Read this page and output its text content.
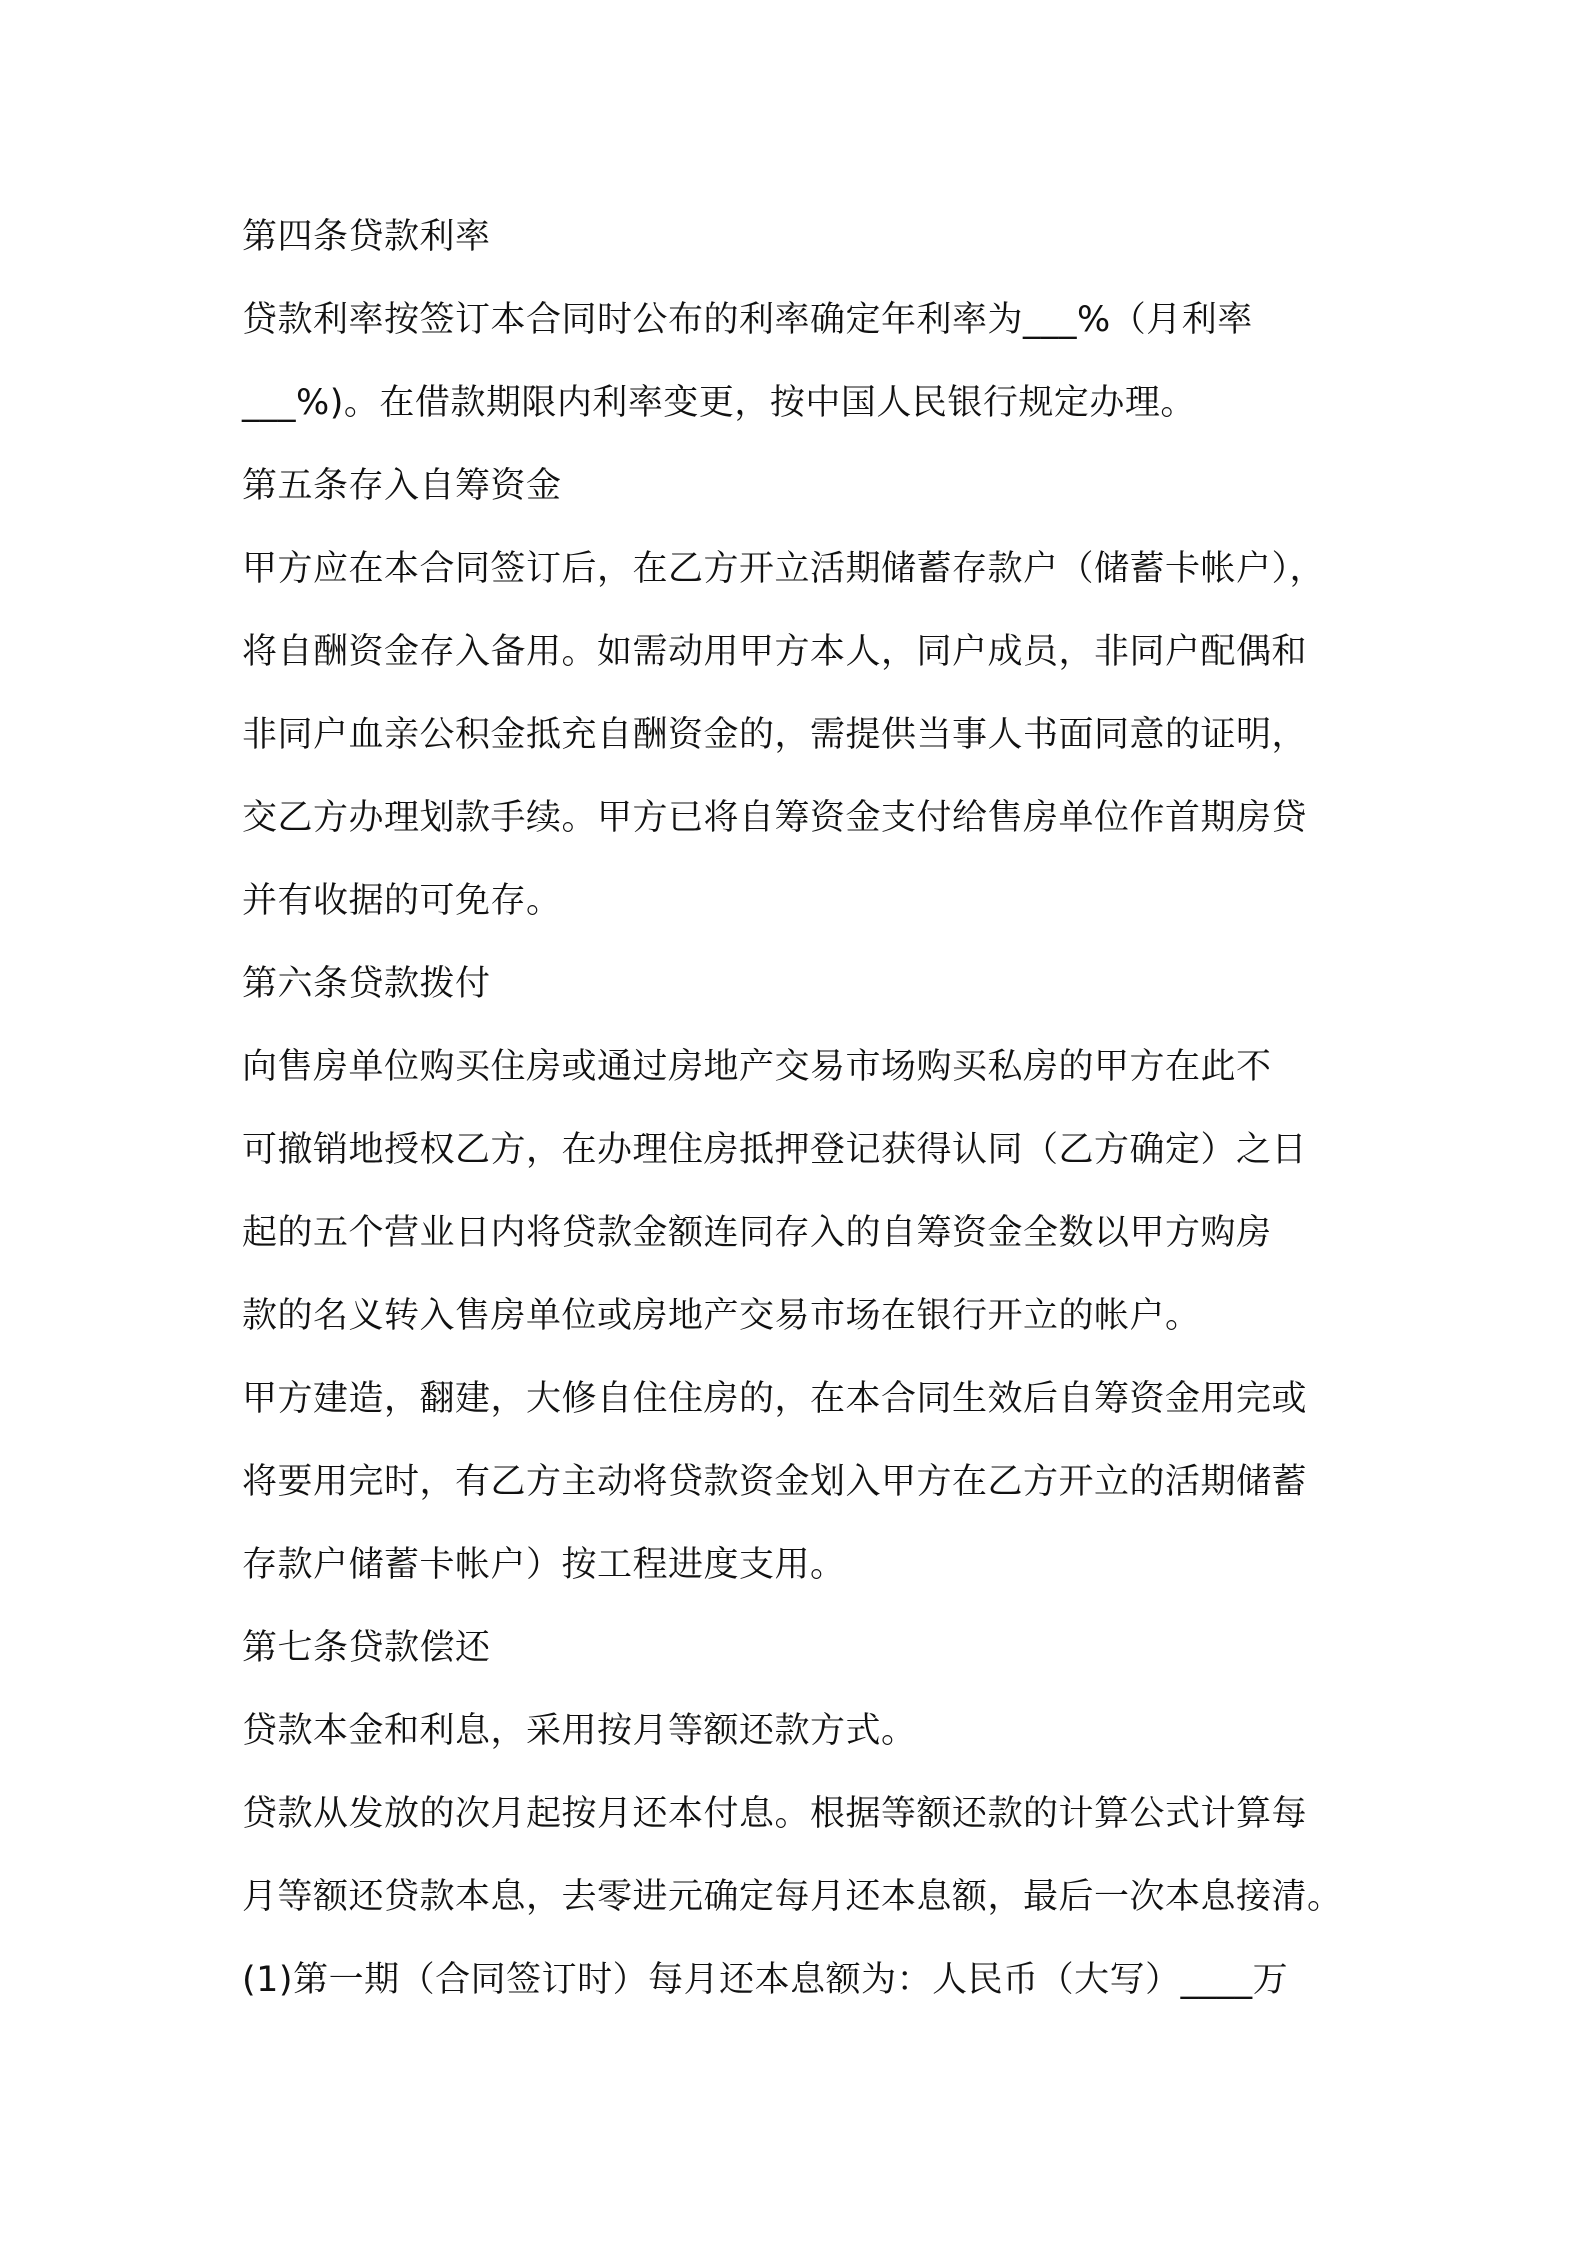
第四条贷款利率
贷款利率按签订本合同时公布的利率确定年利率为___%（月利率
___%)。在借款期限内利率变更，按中国人民银行规定办理。
第五条存入自筹资金
甲方应在本合同签订后，在乙方开立活期储蓄存款户（储蓄卡帐户），
将自酬资金存入备用。如需动用甲方本人，同户成员，非同户配偶和
非同户血亲公积金抵充自酬资金的，需提供当事人书面同意的证明，
交乙方办理划款手续。甲方已将自筹资金支付给售房单位作首期房贷
并有收据的可免存。
第六条贷款拨付
向售房单位购买住房或通过房地产交易市场购买私房的甲方在此不
可撤销地授权乙方，在办理住房抵押登记获得认同（乙方确定）之日
起的五个营业日内将贷款金额连同存入的自筹资金全数以甲方购房
款的名义转入售房单位或房地产交易市场在银行开立的帐户。
甲方建造，翻建，大修自住住房的，在本合同生效后自筹资金用完或
将要用完时，有乙方主动将贷款资金划入甲方在乙方开立的活期储蓄
存款户储蓄卡帐户）按工程进度支用。
第七条贷款偿还
贷款本金和利息，采用按月等额还款方式。
贷款从发放的次月起按月还本付息。根据等额还款的计算公式计算每
月等额还贷款本息，去零进元确定每月还本息额，最后一次本息接清。
(1)第一期（合同签订时）每月还本息额为：人民币（大写）____万
